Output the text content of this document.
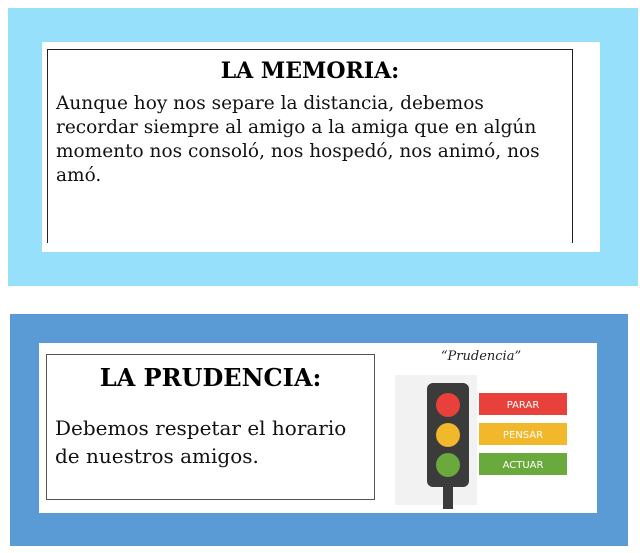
LA MEMORIA:
Aunque hoy nos separe la distancia, debemos recordar siempre al amigo a la amiga que en algún momento nos consoló, nos hospedó, nos animó, nos amó.
LA PRUDENCIA:
Debemos respetar el horario de nuestros amigos.
“Prudencia”
PARAR
PENSAR
ACTUAR
